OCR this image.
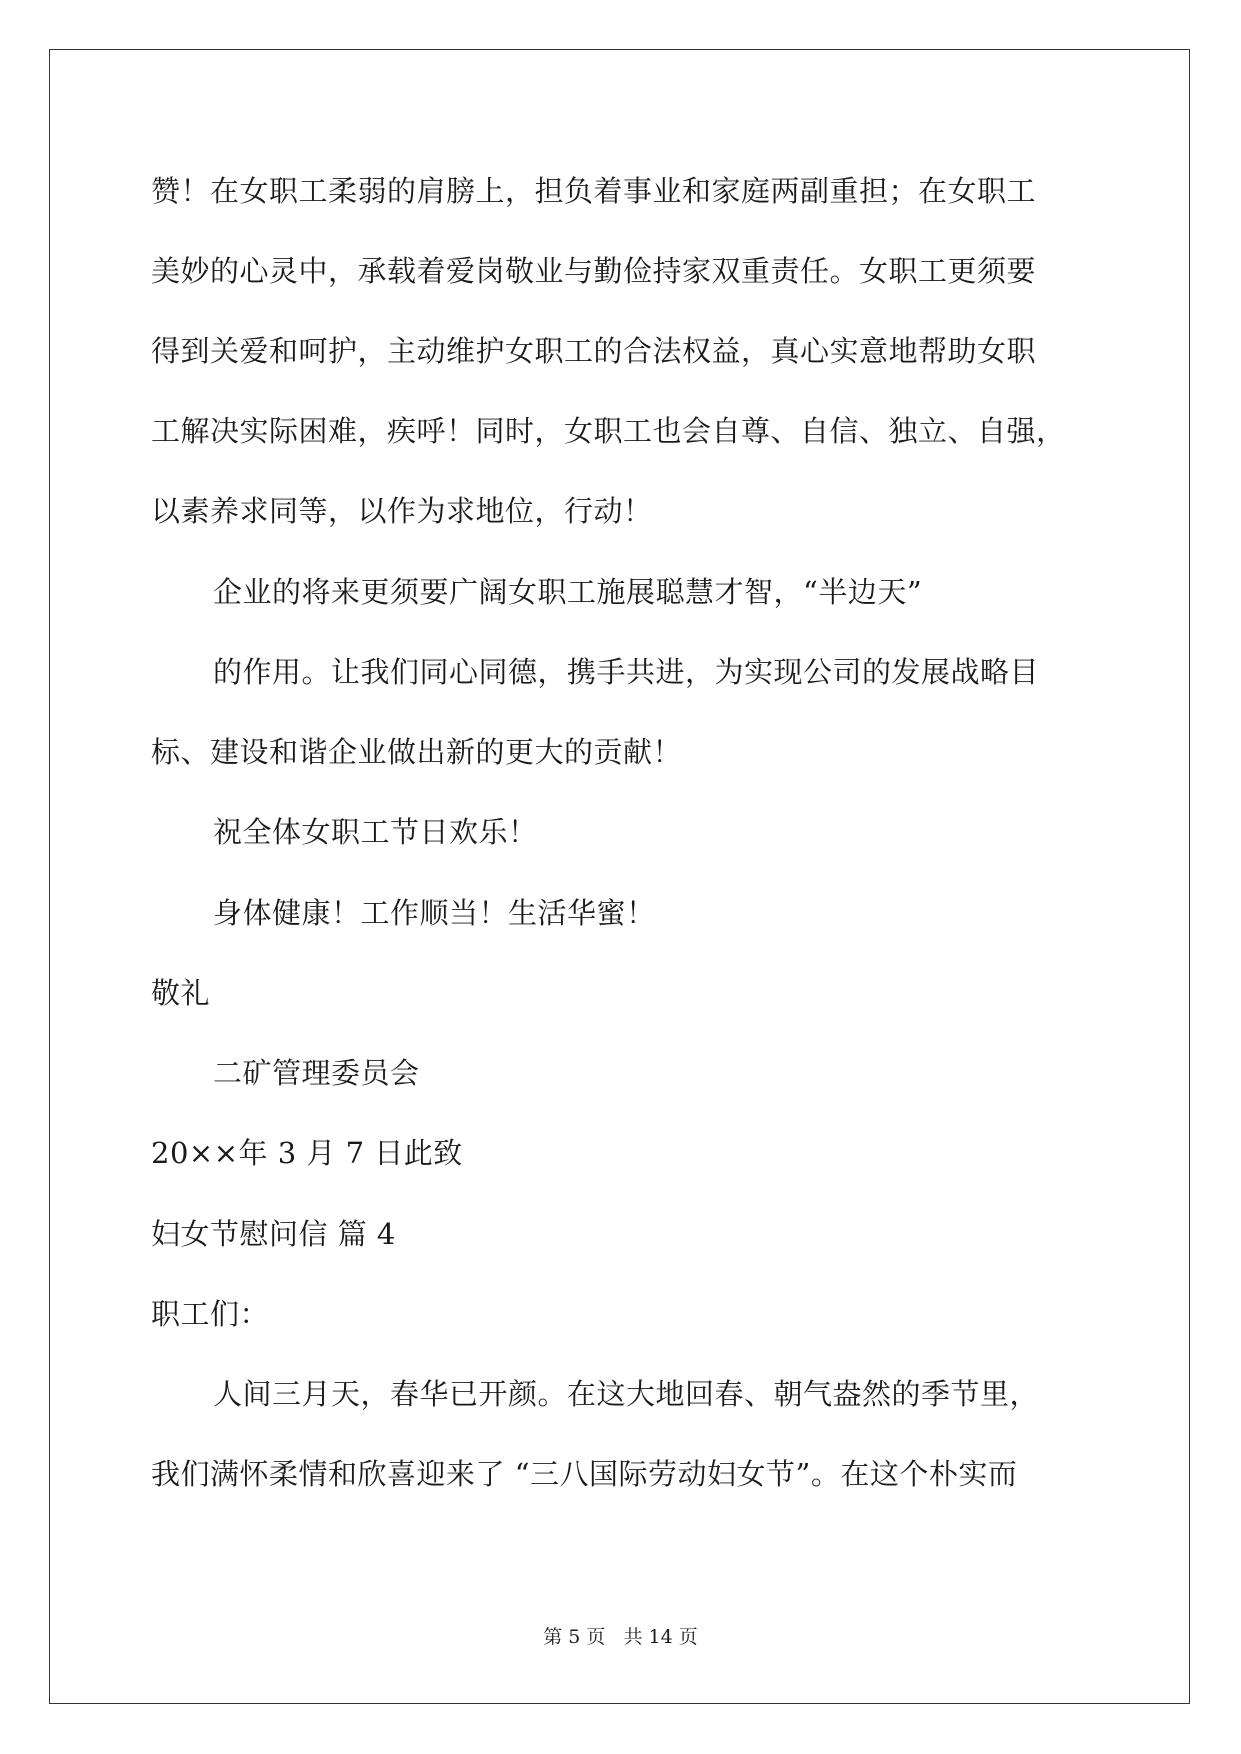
赞！在女职工柔弱的肩膀上，担负着事业和家庭两副重担；在女职工
美妙的心灵中，承载着爱岗敬业与勤俭持家双重责任。女职工更须要
得到关爱和呵护，主动维护女职工的合法权益，真心实意地帮助女职
工解决实际困难，疾呼！同时，女职工也会自尊、自信、独立、自强，
以素养求同等，以作为求地位，行动！
企业的将来更须要广阔女职工施展聪慧才智，“半边天”
的作用。让我们同心同德，携手共进，为实现公司的发展战略目
标、建设和谐企业做出新的更大的贡献！
祝全体女职工节日欢乐！
身体健康！工作顺当！生活华蜜！
敬礼
二矿管理委员会
20××年 3 月 7 日此致
妇女节慰问信 篇 4
职工们：
人间三月天，春华已开颜。在这大地回春、朝气盎然的季节里，
我们满怀柔情和欣喜迎来了 “三八国际劳动妇女节”。在这个朴实而
第 5 页   共 14 页
